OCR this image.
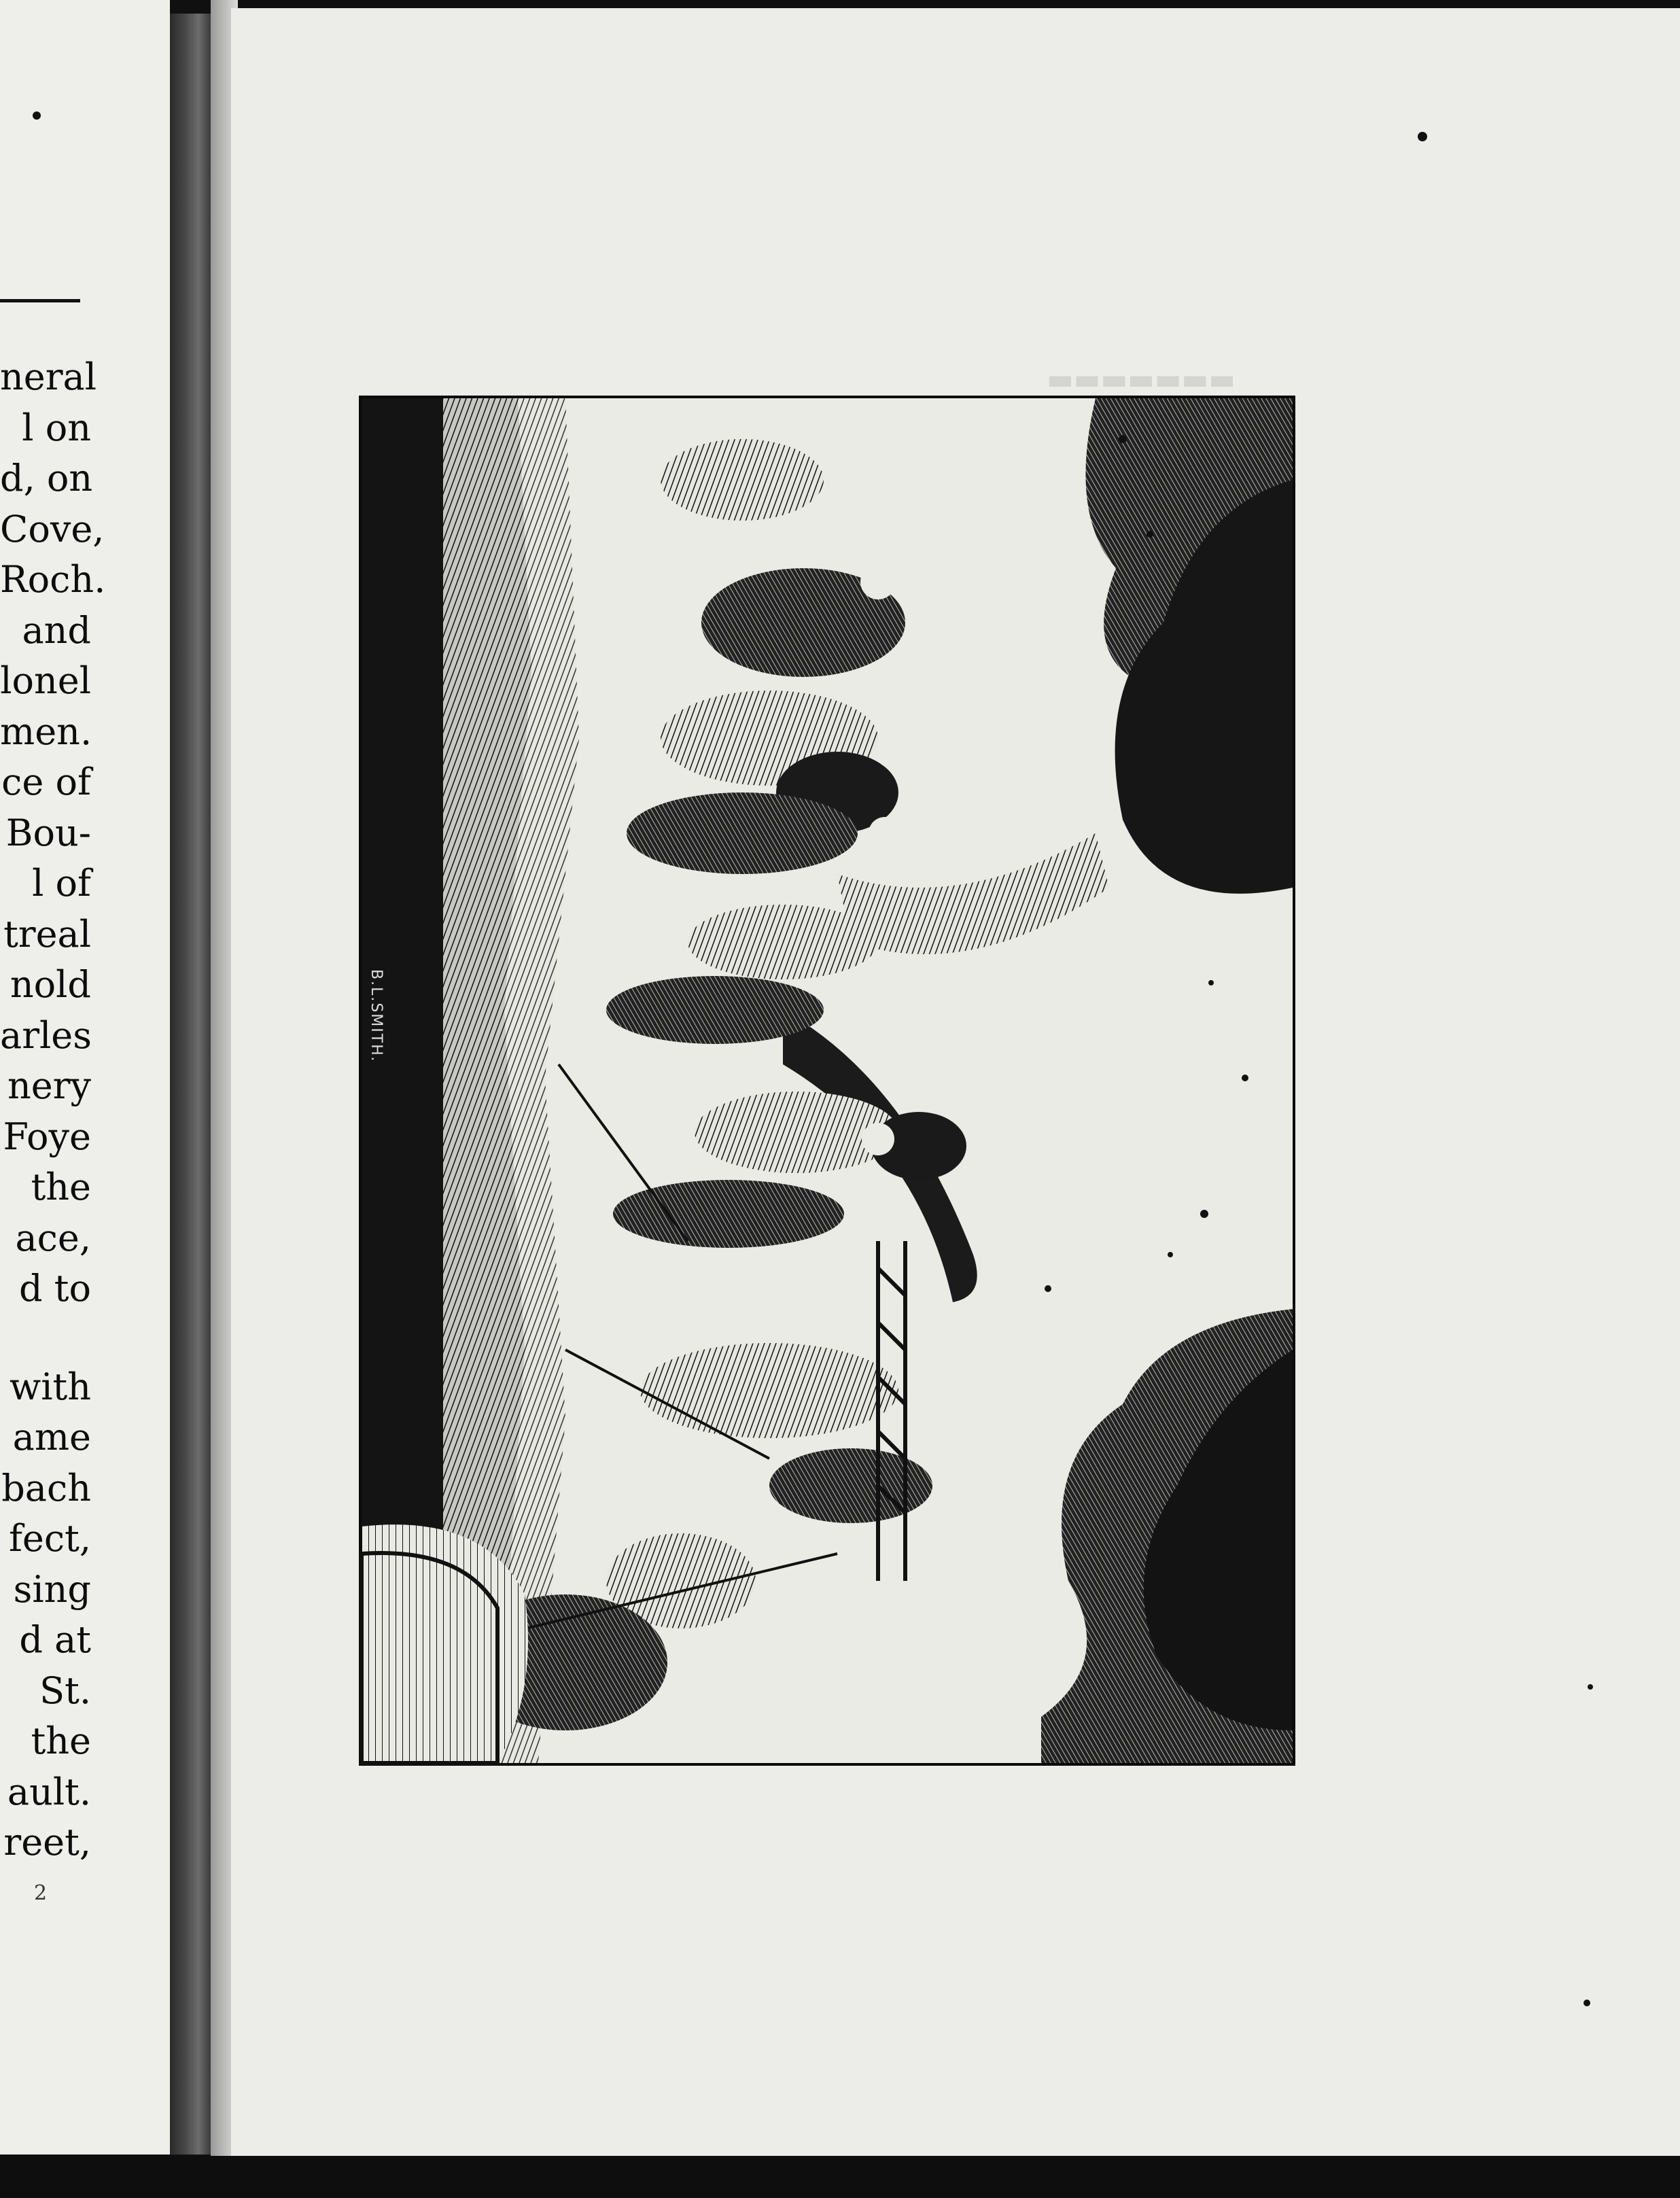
neral
l on
d, on
Cove,
Roch.
and
lonel
men.
ce of
Bou-
l of
treal
nold
arles
nery
Foye
the
ace,
d to
with
ame
bach
fect,
sing
d at
St.
the
ault.
reet,
2
▬▬▬▬▬▬▬
B.L.SMITH.
